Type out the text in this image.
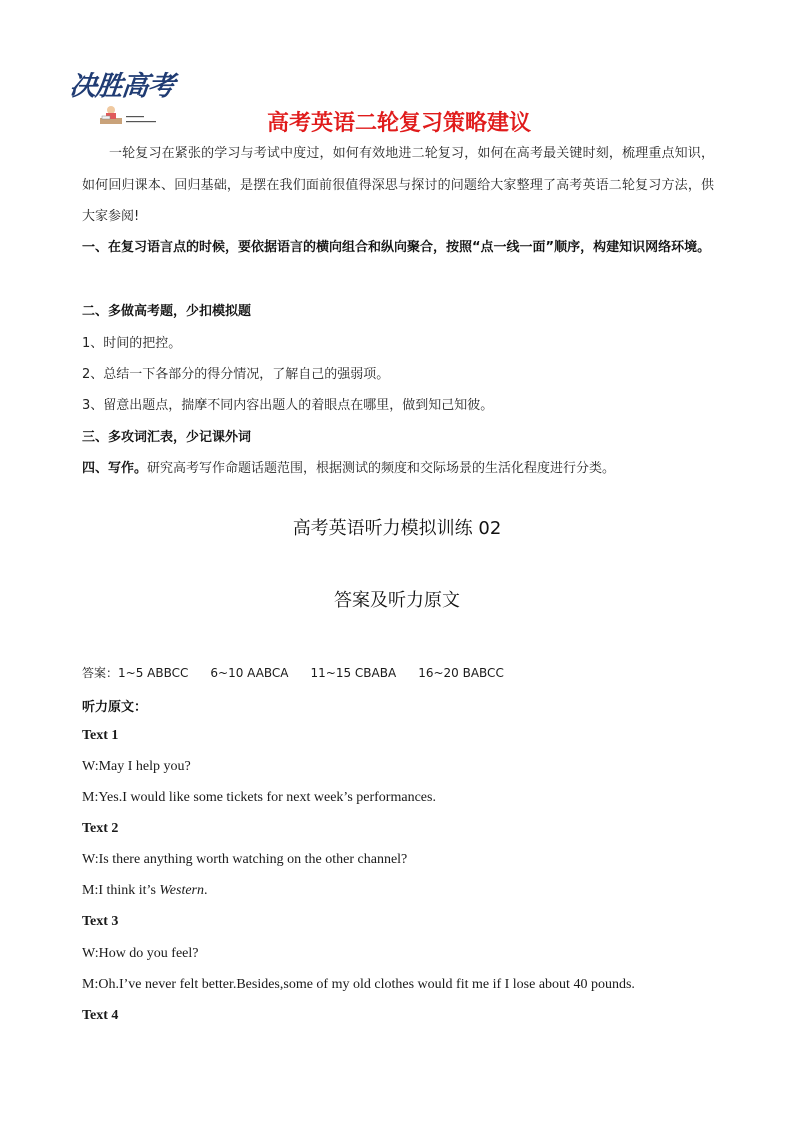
决胜高考
高考英语二轮复习策略建议
一轮复习在紧张的学习与考试中度过，如何有效地进二轮复习，如何在高考最关键时刻，梳理重点知识，如何回归课本、回归基础，是摆在我们面前很值得深思与探讨的问题给大家整理了高考英语二轮复习方法，供大家参阅!
一、在复习语言点的时候，要依据语言的横向组合和纵向聚合，按照“点一线一面”顺序，构建知识网络环境。
二、多做高考题，少扣模拟题
1、时间的把控。
2、总结一下各部分的得分情况，了解自己的强弱项。
3、留意出题点，揣摩不同内容出题人的着眼点在哪里，做到知己知彼。
三、多攻词汇表，少记课外词
四、写作。研究高考写作命题话题范围，根据测试的频度和交际场景的生活化程度进行分类。
高考英语听力模拟训练 02
答案及听力原文
答案：1~5 ABBCC 6~10 AABCA 11~15 CBABA 16~20 BABCC
听力原文：
Text 1
W:May I help you?
M:Yes.I would like some tickets for next week’s performances.
Text 2
W:Is there anything worth watching on the other channel?
M:I think it’s Western.
Text 3
W:How do you feel?
M:Oh.I’ve never felt better.Besides,some of my old clothes would fit me if I lose about 40 pounds.
Text 4
